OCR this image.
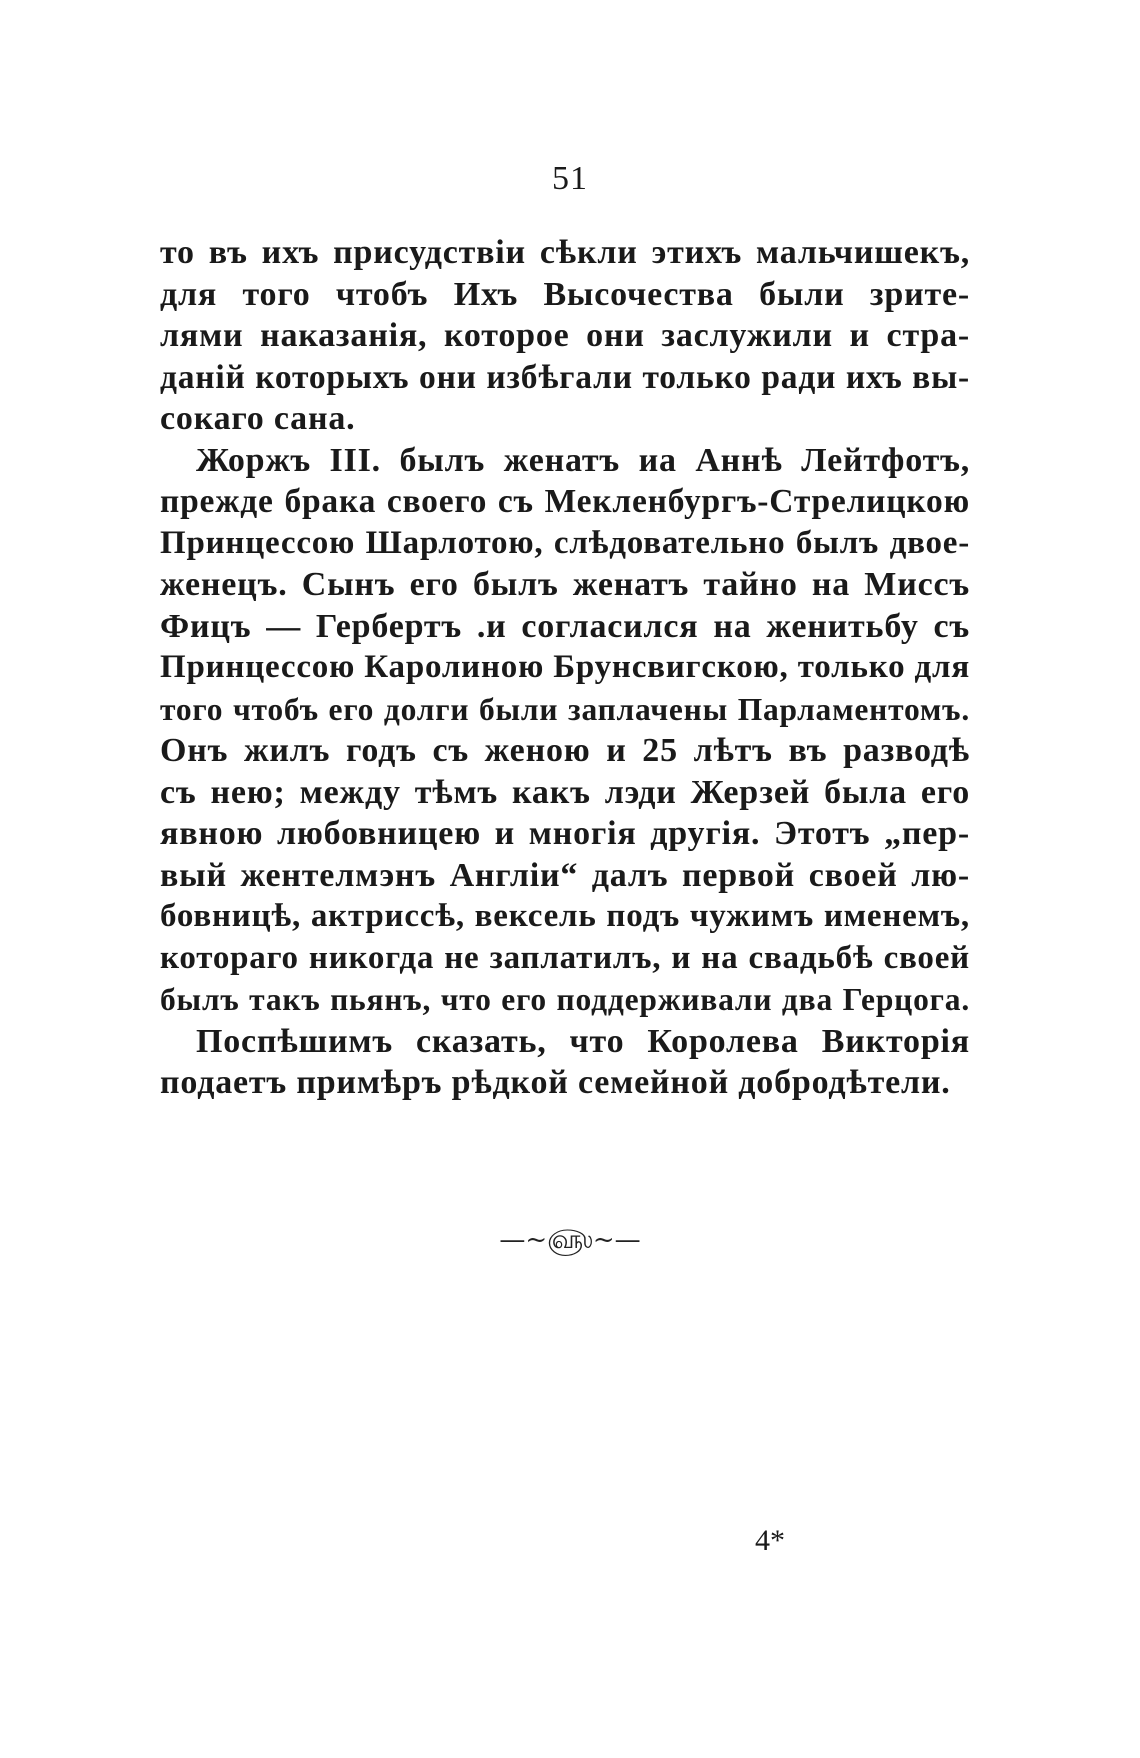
51

то въ ихъ присудствіи сѣкли этихъ мальчишекъ,

для того чтобъ Ихъ Высочества были зрите-

лями наказанія, которое они заслужили и стра-

даній которыхъ они избѣгали только ради ихъ вы-

сокаго сана.

Жоржъ III. былъ женатъ иа Аннѣ Лейтфотъ,

прежде брака своего съ Мекленбургъ-Стрелицкою

Принцессою Шарлотою, слѣдовательно былъ двое-

женецъ. Сынъ его былъ женатъ тайно на Миссъ

Фицъ — Гербертъ .и согласился на женитьбу съ

Принцессою Каролиною Брунсвигскою, только для

того чтобъ его долги были заплачены Парламентомъ.

Онъ жилъ годъ съ женою и 25 лѣтъ въ разводѣ

съ нею; между тѣмъ какъ лэди Жерзей была его

явною любовницею и многія другія. Этотъ „пер-

вый жентелмэнъ Англіи“ далъ первой своей лю-

бовницѣ, актриссѣ, вексель подъ чужимъ именемъ,

котораго никогда не заплатилъ, и на свадьбѣ своей

былъ такъ пьянъ, что его поддерживали два Герцога.

Поспѣшимъ сказать, что Королева Викторія

подаетъ примѣръ рѣдкой семейной добродѣтели.

—~௵~—
4*
